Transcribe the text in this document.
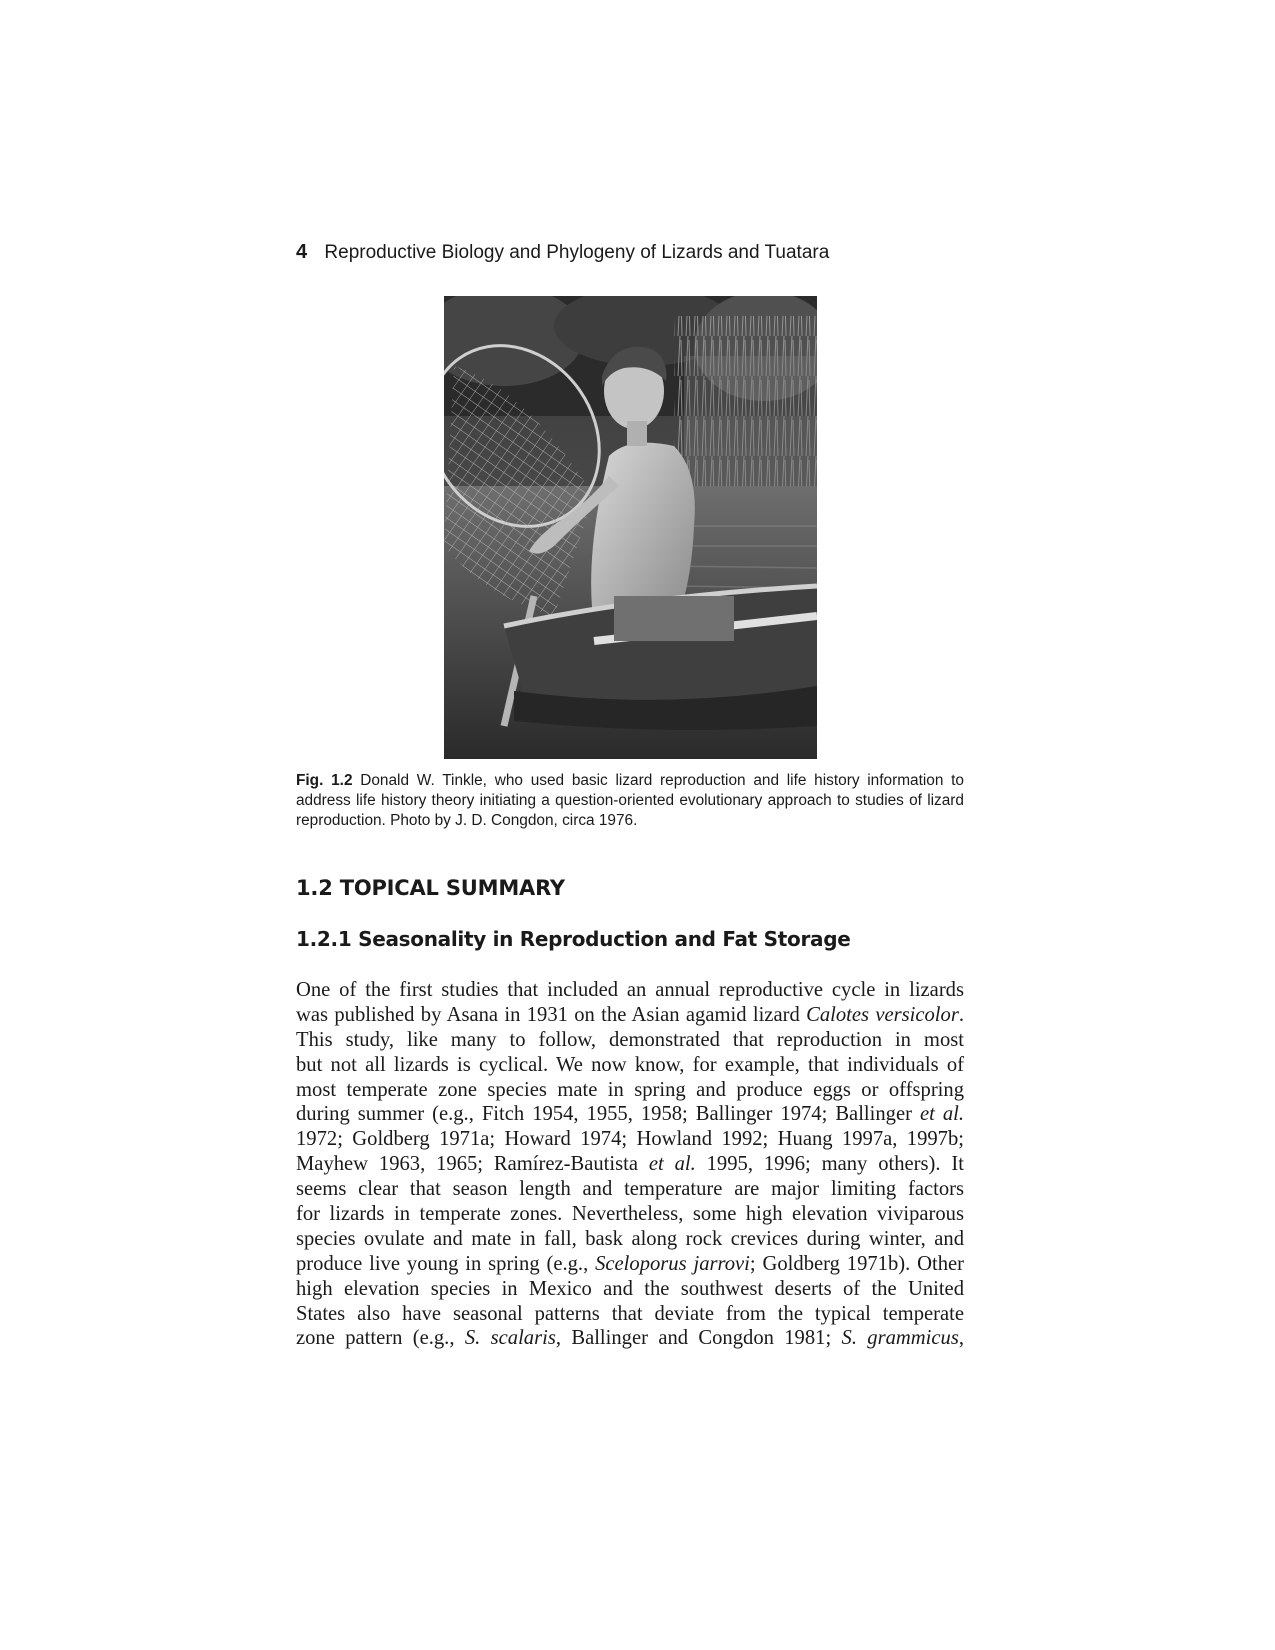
4 Reproductive Biology and Phylogeny of Lizards and Tuatara
Fig. 1.2 Donald W. Tinkle, who used basic lizard reproduction and life history information to address life history theory initiating a question-oriented evolutionary approach to studies of lizard reproduction. Photo by J. D. Congdon, circa 1976.
1.2 TOPICAL SUMMARY
1.2.1 Seasonality in Reproduction and Fat Storage
One of the first studies that included an annual reproductive cycle in lizards
was published by Asana in 1931 on the Asian agamid lizard Calotes versicolor.
This study, like many to follow, demonstrated that reproduction in most
but not all lizards is cyclical. We now know, for example, that individuals of
most temperate zone species mate in spring and produce eggs or offspring
during summer (e.g., Fitch 1954, 1955, 1958; Ballinger 1974; Ballinger et al.
1972; Goldberg 1971a; Howard 1974; Howland 1992; Huang 1997a, 1997b;
Mayhew 1963, 1965; Ramírez-Bautista et al. 1995, 1996; many others). It
seems clear that season length and temperature are major limiting factors
for lizards in temperate zones. Nevertheless, some high elevation viviparous
species ovulate and mate in fall, bask along rock crevices during winter, and
produce live young in spring (e.g., Sceloporus jarrovi; Goldberg 1971b). Other
high elevation species in Mexico and the southwest deserts of the United
States also have seasonal patterns that deviate from the typical temperate
zone pattern (e.g., S. scalaris, Ballinger and Congdon 1981; S. grammicus,
